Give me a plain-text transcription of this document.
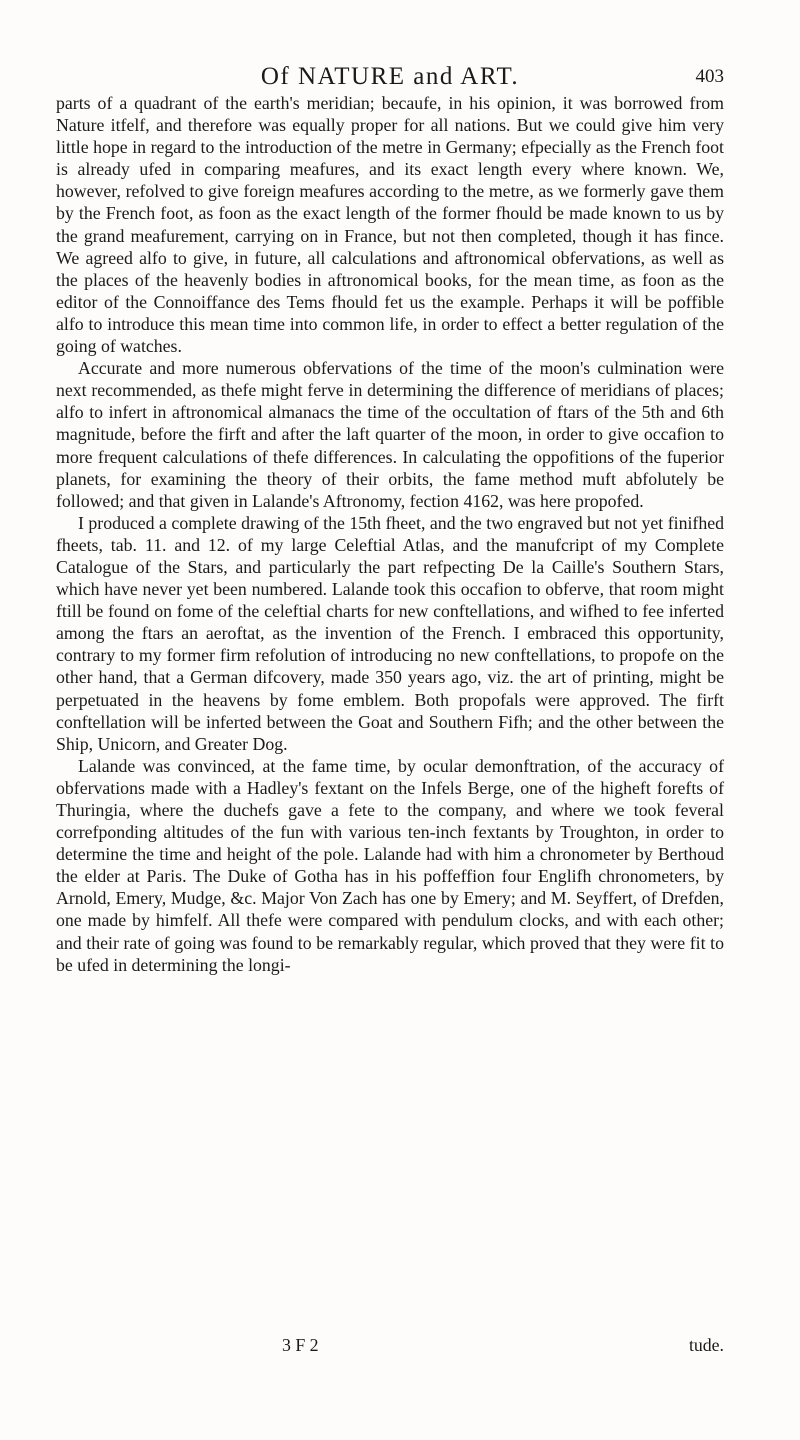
Of NATURE and ART.	403

parts of a quadrant of the earth's meridian; becaufe, in his opinion, it was borrowed from Nature itfelf, and therefore was equally proper for all nations. But we could give him very little hope in regard to the introduction of the metre in Germany; efpecially as the French foot is already ufed in comparing meafures, and its exact length every where known. We, however, refolved to give foreign meafures according to the metre, as we formerly gave them by the French foot, as foon as the exact length of the former fhould be made known to us by the grand meafurement, carrying on in France, but not then completed, though it has fince. We agreed alfo to give, in future, all calculations and aftronomical obfervations, as well as the places of the heavenly bodies in aftronomical books, for the mean time, as foon as the editor of the Connoiffance des Tems fhould fet us the example. Perhaps it will be poffible alfo to introduce this mean time into common life, in order to effect a better regulation of the going of watches.

Accurate and more numerous obfervations of the time of the moon's culmination were next recommended, as thefe might ferve in determining the difference of meridians of places; alfo to infert in aftronomical almanacs the time of the occultation of ftars of the 5th and 6th magnitude, before the firft and after the laft quarter of the moon, in order to give occafion to more frequent calculations of thefe differences. In calculating the oppofitions of the fuperior planets, for examining the theory of their orbits, the fame method muft abfolutely be followed; and that given in Lalande's Aftronomy, fection 4162, was here propofed.

I produced a complete drawing of the 15th fheet, and the two engraved but not yet finifhed fheets, tab. 11. and 12. of my large Celeftial Atlas, and the manufcript of my Complete Catalogue of the Stars, and particularly the part refpecting De la Caille's Southern Stars, which have never yet been numbered. Lalande took this occafion to obferve, that room might ftill be found on fome of the celeftial charts for new conftellations, and wifhed to fee inferted among the ftars an aeroftat, as the invention of the French. I embraced this opportunity, contrary to my former firm refolution of introducing no new conftellations, to propofe on the other hand, that a German difcovery, made 350 years ago, viz. the art of printing, might be perpetuated in the heavens by fome emblem. Both propofals were approved. The firft conftellation will be inferted between the Goat and Southern Fifh; and the other between the Ship, Unicorn, and Greater Dog.

Lalande was convinced, at the fame time, by ocular demonftration, of the accuracy of obfervations made with a Hadley's fextant on the Infels Berge, one of the higheft forefts of Thuringia, where the duchefs gave a fete to the company, and where we took feveral correfponding altitudes of the fun with various ten-inch fextants by Troughton, in order to determine the time and height of the pole. Lalande had with him a chronometer by Berthoud the elder at Paris. The Duke of Gotha has in his poffeffion four Englifh chronometers, by Arnold, Emery, Mudge, &c. Major Von Zach has one by Emery; and M. Seyffert, of Drefden, one made by himfelf. All thefe were compared with pendulum clocks, and with each other; and their rate of going was found to be remarkably regular, which proved that they were fit to be ufed in determining the longi-

3 F 2	tude.
